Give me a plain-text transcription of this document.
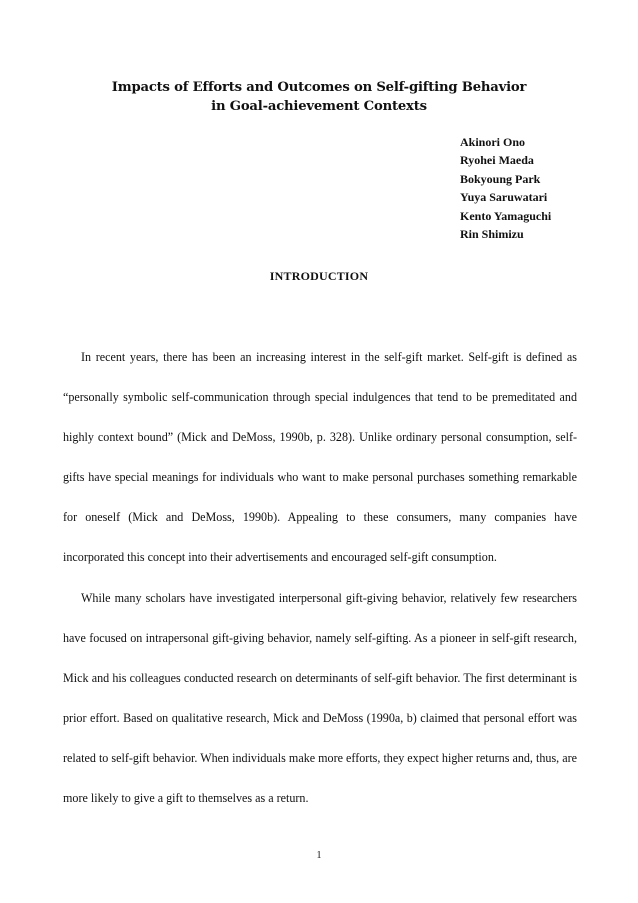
Impacts of Efforts and Outcomes on Self-gifting Behavior
in Goal-achievement Contexts
Akinori Ono
Ryohei Maeda
Bokyoung Park
Yuya Saruwatari
Kento Yamaguchi
Rin Shimizu
INTRODUCTION

In recent years, there has been an increasing interest in the self-gift market. Self-gift is defined as “personally symbolic self-communication through special indulgences that tend to be premeditated and highly context bound” (Mick and DeMoss, 1990b, p. 328). Unlike ordinary personal consumption, self-gifts have special meanings for individuals who want to make personal purchases something remarkable for oneself (Mick and DeMoss, 1990b). Appealing to these consumers, many companies have incorporated this concept into their advertisements and encouraged self-gift consumption.

While many scholars have investigated interpersonal gift-giving behavior, relatively few researchers have focused on intrapersonal gift-giving behavior, namely self-gifting. As a pioneer in self-gift research, Mick and his colleagues conducted research on determinants of self-gift behavior. The first determinant is prior effort. Based on qualitative research, Mick and DeMoss (1990a, b) claimed that personal effort was related to self-gift behavior. When individuals make more efforts, they expect higher returns and, thus, are more likely to give a gift to themselves as a return.

1
